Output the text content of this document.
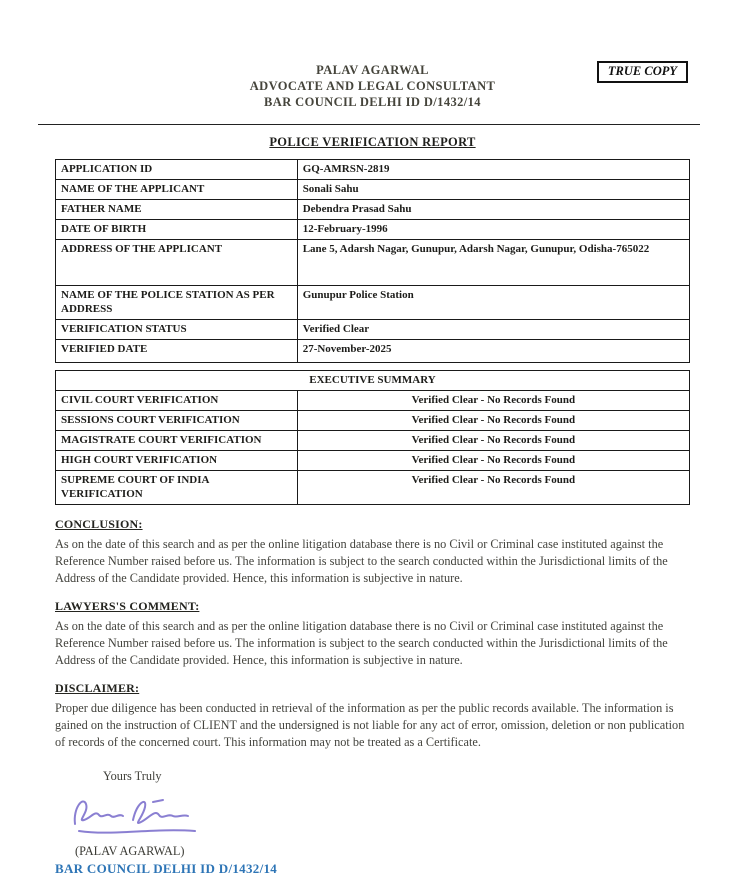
TRUE COPY
PALAV AGARWAL
ADVOCATE AND LEGAL CONSULTANT
BAR COUNCIL DELHI ID D/1432/14
POLICE VERIFICATION REPORT
APPLICATION ID	GQ-AMRSN-2819
NAME OF THE APPLICANT	Sonali Sahu
FATHER NAME	Debendra Prasad Sahu
DATE OF BIRTH	12-February-1996
ADDRESS OF THE APPLICANT	Lane 5, Adarsh Nagar, Gunupur, Adarsh Nagar, Gunupur, Odisha-765022
NAME OF THE POLICE STATION AS PER ADDRESS	Gunupur Police Station
VERIFICATION STATUS	Verified Clear
VERIFIED DATE	27-November-2025
EXECUTIVE SUMMARY	
CIVIL COURT VERIFICATION	Verified Clear - No Records Found
SESSIONS COURT VERIFICATION	Verified Clear - No Records Found
MAGISTRATE COURT VERIFICATION	Verified Clear - No Records Found
HIGH COURT VERIFICATION	Verified Clear - No Records Found
SUPREME COURT OF INDIA VERIFICATION	Verified Clear - No Records Found
CONCLUSION:
As on the date of this search and as per the online litigation database there is no Civil or Criminal case instituted against the Reference Number raised before us. The information is subject to the search conducted within the Jurisdictional limits of the Address of the Candidate provided. Hence, this information is subjective in nature.
LAWYERS'S COMMENT:
As on the date of this search and as per the online litigation database there is no Civil or Criminal case instituted against the Reference Number raised before us. The information is subject to the search conducted within the Jurisdictional limits of the Address of the Candidate provided. Hence, this information is subjective in nature.
DISCLAIMER:
Proper due diligence has been conducted in retrieval of the information as per the public records available. The information is gained on the instruction of CLIENT and the undersigned is not liable for any act of error, omission, deletion or non publication of records of the concerned court. This information may not be treated as a Certificate.
Yours Truly
(PALAV AGARWAL)
BAR COUNCIL DELHI ID D/1432/14
